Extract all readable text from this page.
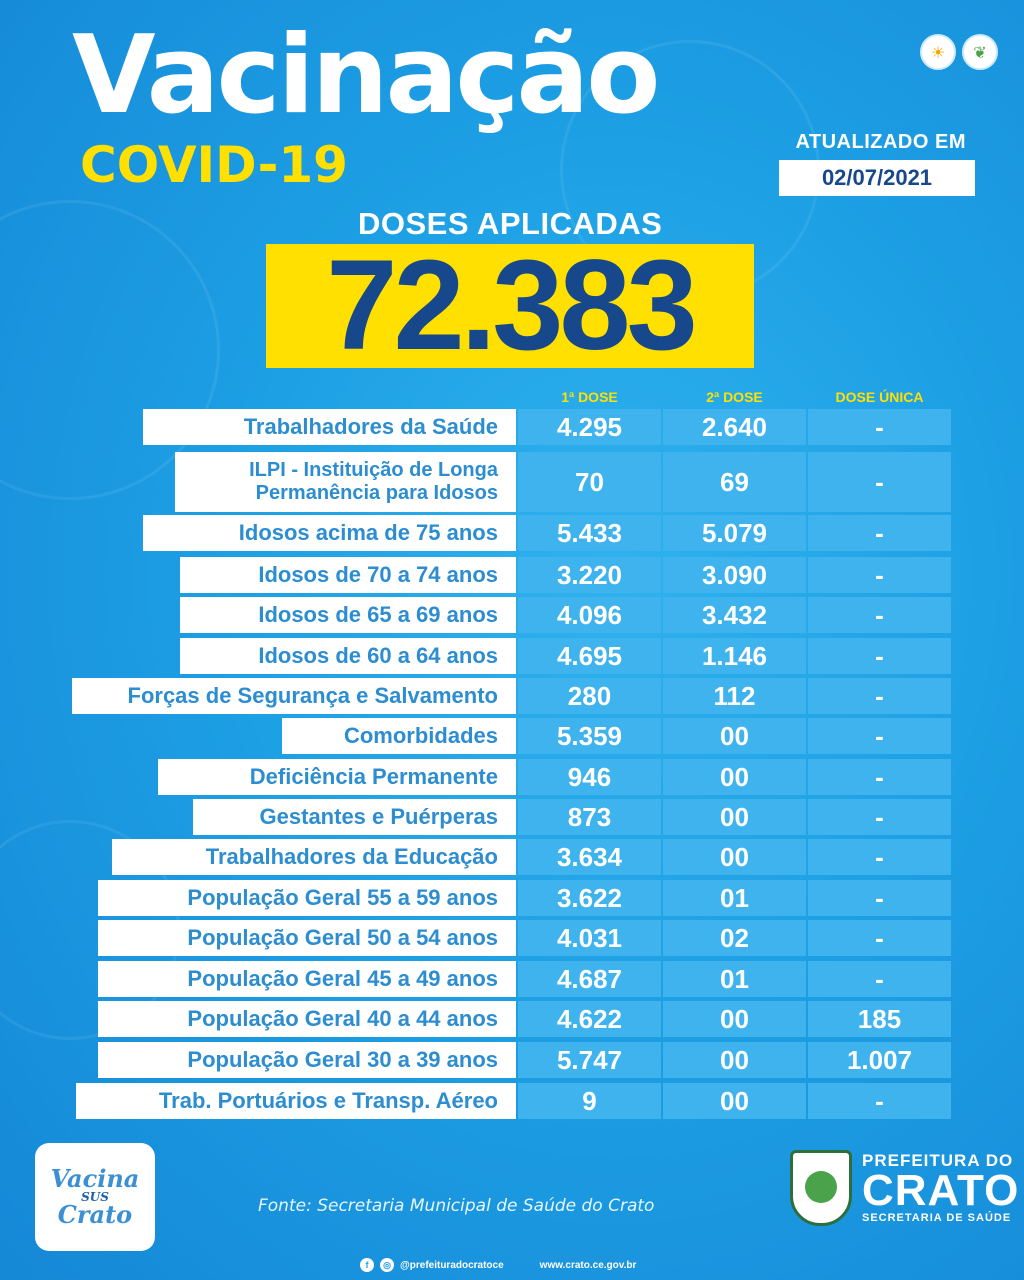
Vacinação
COVID-19
☀	❦
ATUALIZADO EM
02/07/2021
DOSES APLICADAS
72.383
1ª DOSE	2ª DOSE	DOSE ÚNICA
Trabalhadores da Saúde	4.295	2.640	-
ILPI - Instituição de Longa
Permanência para Idosos	70	69	-
Idosos acima de 75 anos	5.433	5.079	-
Idosos de 70 a 74 anos	3.220	3.090	-
Idosos de 65 a 69 anos	4.096	3.432	-
Idosos de 60 a 64 anos	4.695	1.146	-
Forças de Segurança e Salvamento	280	112	-
Comorbidades	5.359	00	-
Deficiência Permanente	946	00	-
Gestantes e Puérperas	873	00	-
Trabalhadores da Educação	3.634	00	-
População Geral 55 a 59 anos	3.622	01	-
População Geral 50 a 54 anos	4.031	02	-
População Geral 45 a 49 anos	4.687	01	-
População Geral 40 a 44 anos	4.622	00	185
População Geral 30 a 39 anos	5.747	00	1.007
Trab. Portuários e Transp. Aéreo	9	00	-
Vacina
SUS
Crato	Fonte: Secretaria Municipal de Saúde do Crato
PREFEITURA DO
CRATO
SECRETARIA DE SAÚDE
f	◎ @prefeituradocratoce	www.crato.ce.gov.br
